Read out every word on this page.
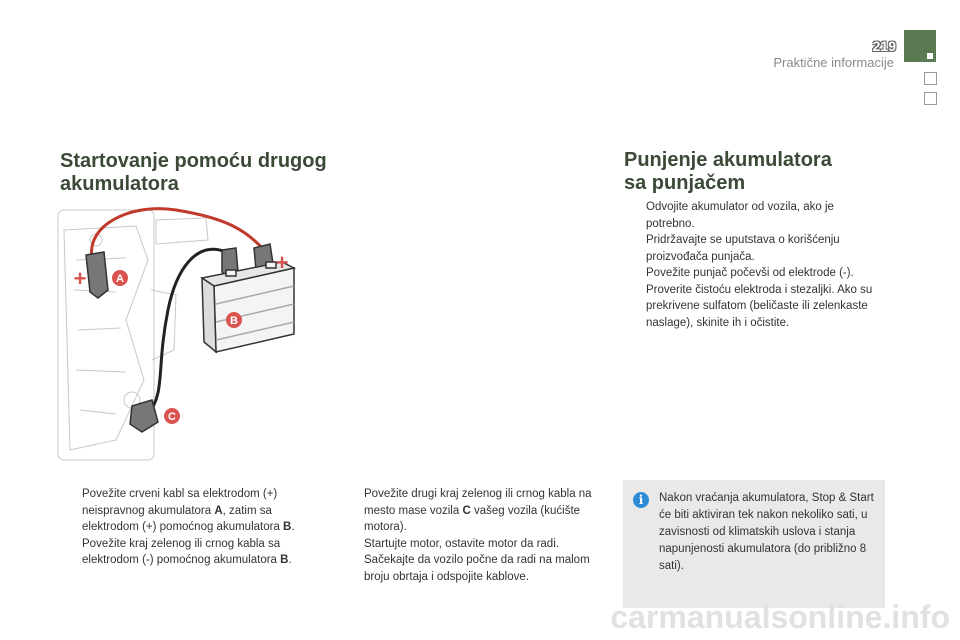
219
Praktične informacije
Startovanje pomoću drugog
akumulatora
Punjenje akumulatora
sa punjačem
A
B
C
+
+
Odvojite akumulator od vozila, ako je potrebno.
Pridržavajte se uputstava o korišćenju proizvođača punjača.
Povežite punjač počevši od elektrode (-).
Proverite čistoću elektroda i stezaljki. Ako su prekrivene sulfatom (beličaste ili zelenkaste naslage), skinite ih i očistite.
Povežite crveni kabl sa elektrodom (+) neispravnog akumulatora A, zatim sa elektrodom (+) pomoćnog akumulatora B.
Povežite kraj zelenog ili crnog kabla sa elektrodom (-) pomoćnog akumulatora B.
Povežite drugi kraj zelenog ili crnog kabla na mesto mase vozila C vašeg vozila (kućište motora).
Startujte motor, ostavite motor da radi.
Sačekajte da vozilo počne da radi na malom broju obrtaja i odspojite kablove.
i	Nakon vraćanja akumulatora, Stop & Start će biti aktiviran tek nakon nekoliko sati, u zavisnosti od klimatskih uslova i stanja napunjenosti akumulatora (do približno 8 sati).
carmanualsonline.info
